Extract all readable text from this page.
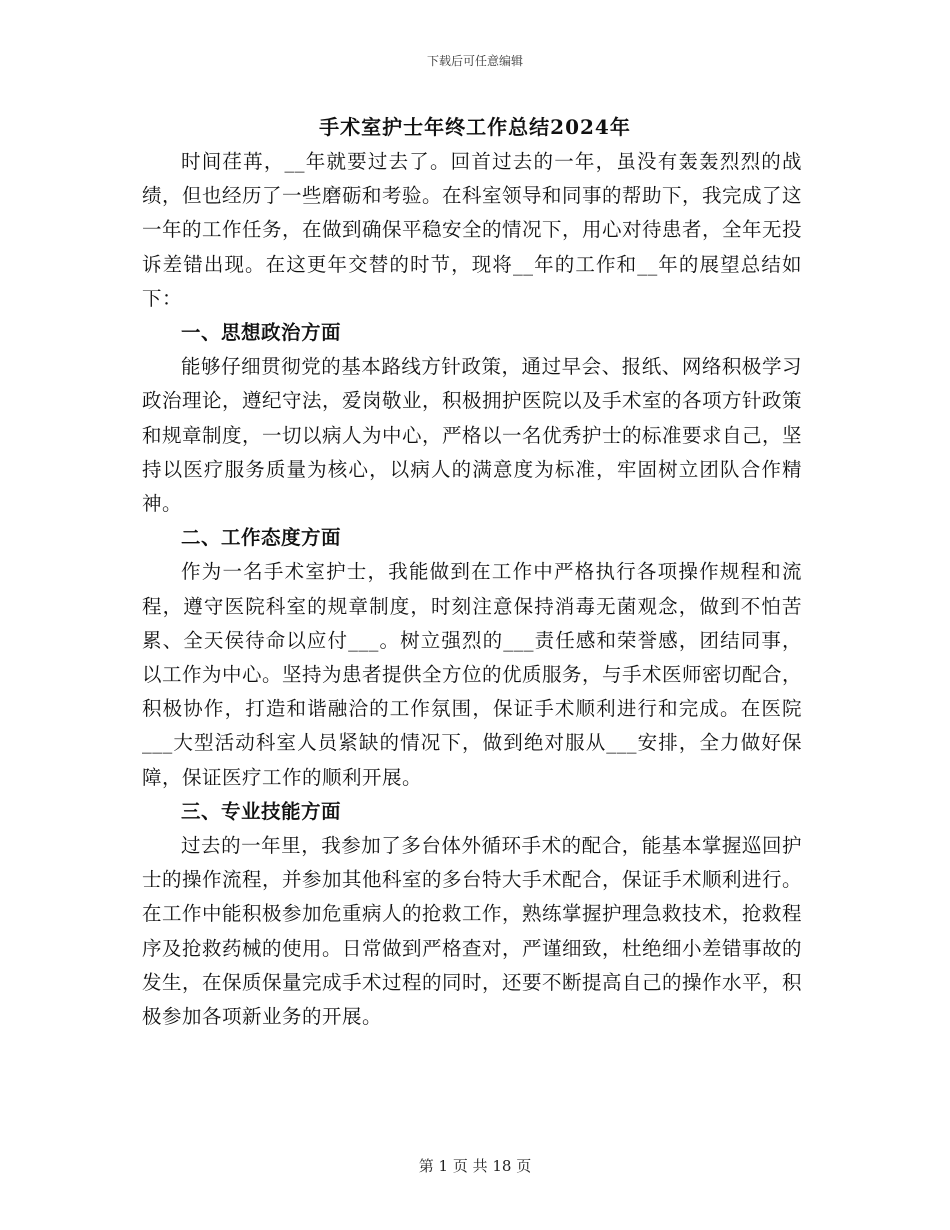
下载后可任意编辑
手术室护士年终工作总结2024年

时间荏苒，__年就要过去了。回首过去的一年，虽没有轰轰烈烈的战绩，但也经历了一些磨砺和考验。在科室领导和同事的帮助下，我完成了这一年的工作任务，在做到确保平稳安全的情况下，用心对待患者，全年无投诉差错出现。在这更年交替的时节，现将__年的工作和__年的展望总结如下：

一、思想政治方面

能够仔细贯彻党的基本路线方针政策，通过早会、报纸、网络积极学习政治理论，遵纪守法，爱岗敬业，积极拥护医院以及手术室的各项方针政策和规章制度，一切以病人为中心，严格以一名优秀护士的标准要求自己，坚持以医疗服务质量为核心，以病人的满意度为标准，牢固树立团队合作精神。

二、工作态度方面

作为一名手术室护士，我能做到在工作中严格执行各项操作规程和流程，遵守医院科室的规章制度，时刻注意保持消毒无菌观念，做到不怕苦累、全天侯待命以应付___。树立强烈的___责任感和荣誉感，团结同事，以工作为中心。坚持为患者提供全方位的优质服务，与手术医师密切配合，积极协作，打造和谐融洽的工作氛围，保证手术顺利进行和完成。在医院___大型活动科室人员紧缺的情况下，做到绝对服从___安排，全力做好保障，保证医疗工作的顺利开展。

三、专业技能方面

过去的一年里，我参加了多台体外循环手术的配合，能基本掌握巡回护士的操作流程，并参加其他科室的多台特大手术配合，保证手术顺利进行。在工作中能积极参加危重病人的抢救工作，熟练掌握护理急救技术，抢救程序及抢救药械的使用。日常做到严格查对，严谨细致，杜绝细小差错事故的发生，在保质保量完成手术过程的同时，还要不断提高自己的操作水平，积极参加各项新业务的开展。

第 1 页 共 18 页
